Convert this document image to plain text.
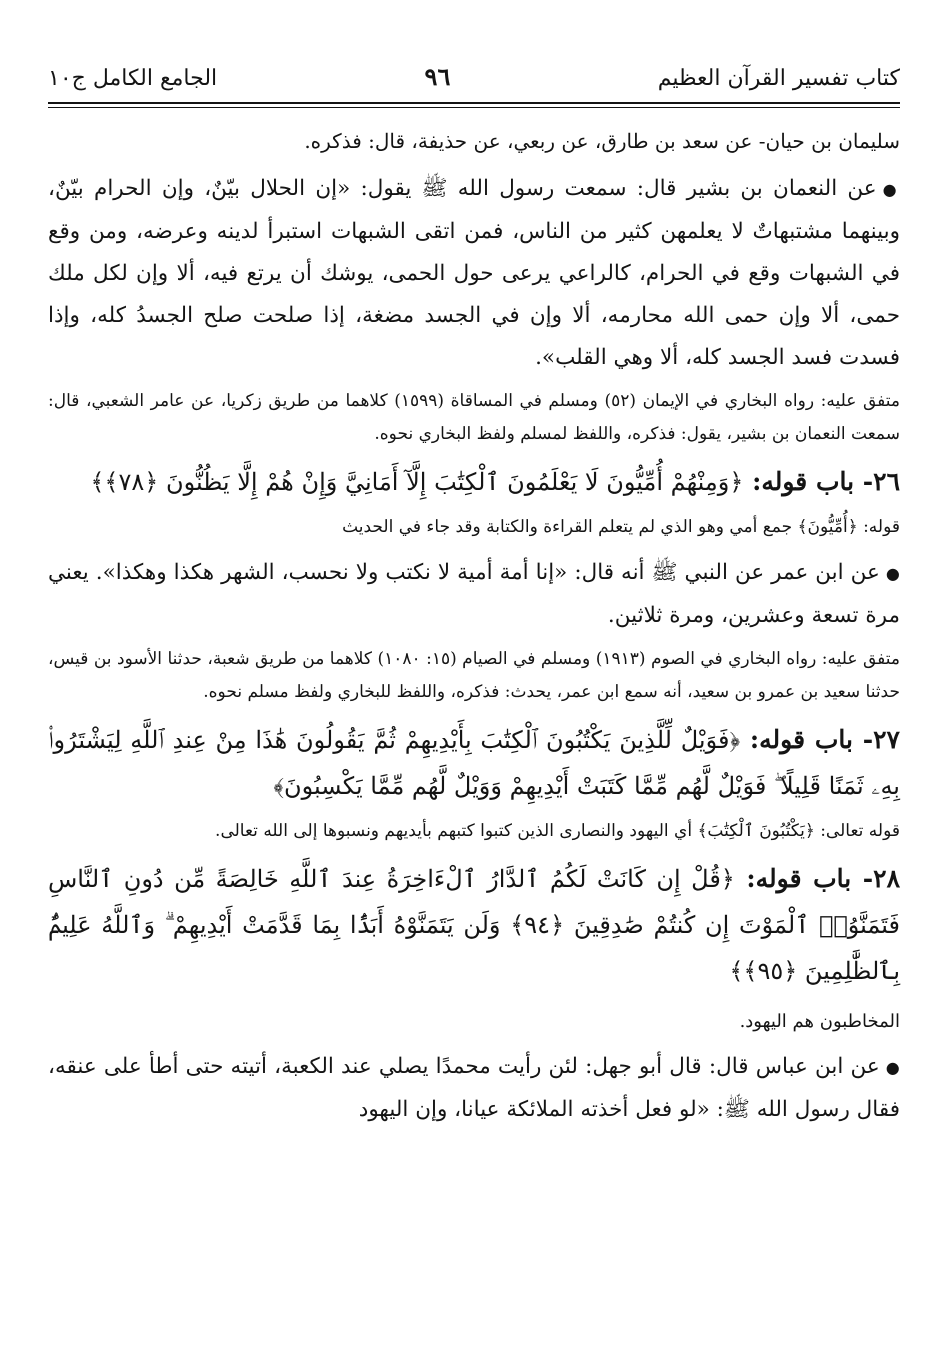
كتاب تفسير القرآن العظيم
٩٦
الجامع الكامل ج١٠

سليمان بن حيان- عن سعد بن طارق، عن ربعي، عن حذيفة، قال: فذكره.

●عن النعمان بن بشير قال: سمعت رسول الله ﷺ يقول: «إن الحلال بيّنٌ، وإن الحرام بيّنٌ، وبينهما مشتبهاتٌ لا يعلمهن كثير من الناس، فمن اتقى الشبهات استبرأ لدينه وعرضه، ومن وقع في الشبهات وقع في الحرام، كالراعي يرعى حول الحمى، يوشك أن يرتع فيه، ألا وإن لكل ملك حمى، ألا وإن حمى الله محارمه، ألا وإن في الجسد مضغة، إذا صلحت صلح الجسدُ كله، وإذا فسدت فسد الجسد كله، ألا وهي القلب».

متفق عليه: رواه البخاري في الإيمان (٥٢) ومسلم في المساقاة (١٥٩٩) كلاهما من طريق زكريا، عن عامر الشعبي، قال: سمعت النعمان بن بشير، يقول: فذكره، واللفظ لمسلم ولفظ البخاري نحوه.

٢٦- باب قوله: ﴿وَمِنْهُمْ أُمِّيُّونَ لَا يَعْلَمُونَ ٱلْكِتَٰبَ إِلَّآ أَمَانِيَّ وَإِنْ هُمْ إِلَّا يَظُنُّونَ ﴿٧٨﴾﴾

قوله: ﴿أُمِّيُّونَ﴾ جمع أمي وهو الذي لم يتعلم القراءة والكتابة وقد جاء في الحديث

●عن ابن عمر عن النبي ﷺ أنه قال: «إنا أمة أمية لا نكتب ولا نحسب، الشهر هكذا وهكذا». يعني مرة تسعة وعشرين، ومرة ثلاثين.

متفق عليه: رواه البخاري في الصوم (١٩١٣) ومسلم في الصيام (١٥: ١٠٨٠) كلاهما من طريق شعبة، حدثنا الأسود بن قيس، حدثنا سعيد بن عمرو بن سعيد، أنه سمع ابن عمر، يحدث: فذكره، واللفظ للبخاري ولفظ مسلم نحوه.

٢٧- باب قوله: ﴿فَوَيْلٌ لِّلَّذِينَ يَكْتُبُونَ ٱلْكِتَٰبَ بِأَيْدِيهِمْ ثُمَّ يَقُولُونَ هَٰذَا مِنْ عِندِ ٱللَّهِ لِيَشْتَرُوا۟ بِهِۦ ثَمَنًا قَلِيلًا ۖ فَوَيْلٌ لَّهُم مِّمَّا كَتَبَتْ أَيْدِيهِمْ وَوَيْلٌ لَّهُم مِّمَّا يَكْسِبُونَ﴾

قوله تعالى: ﴿يَكْتُبُونَ ٱلْكِتَٰبَ﴾ أي اليهود والنصارى الذين كتبوا كتبهم بأيديهم ونسبوها إلى الله تعالى.

٢٨- باب قوله: ﴿قُلْ إِن كَانَتْ لَكُمُ ٱلدَّارُ ٱلْءَاخِرَةُ عِندَ ٱللَّهِ خَالِصَةً مِّن دُونِ ٱلنَّاسِ فَتَمَنَّوُا۟ ٱلْمَوْتَ إِن كُنتُمْ صَٰدِقِينَ ﴿٩٤﴾ وَلَن يَتَمَنَّوْهُ أَبَدًۢا بِمَا قَدَّمَتْ أَيْدِيهِمْ ۗ وَٱللَّهُ عَلِيمٌۢ بِٱلظَّٰلِمِينَ ﴿٩٥﴾﴾

المخاطبون هم اليهود.

●عن ابن عباس قال: قال أبو جهل: لئن رأيت محمدًا يصلي عند الكعبة، أتيته حتى أطأ على عنقه، فقال رسول الله ﷺ: «لو فعل أخذته الملائكة عيانا، وإن اليهود
